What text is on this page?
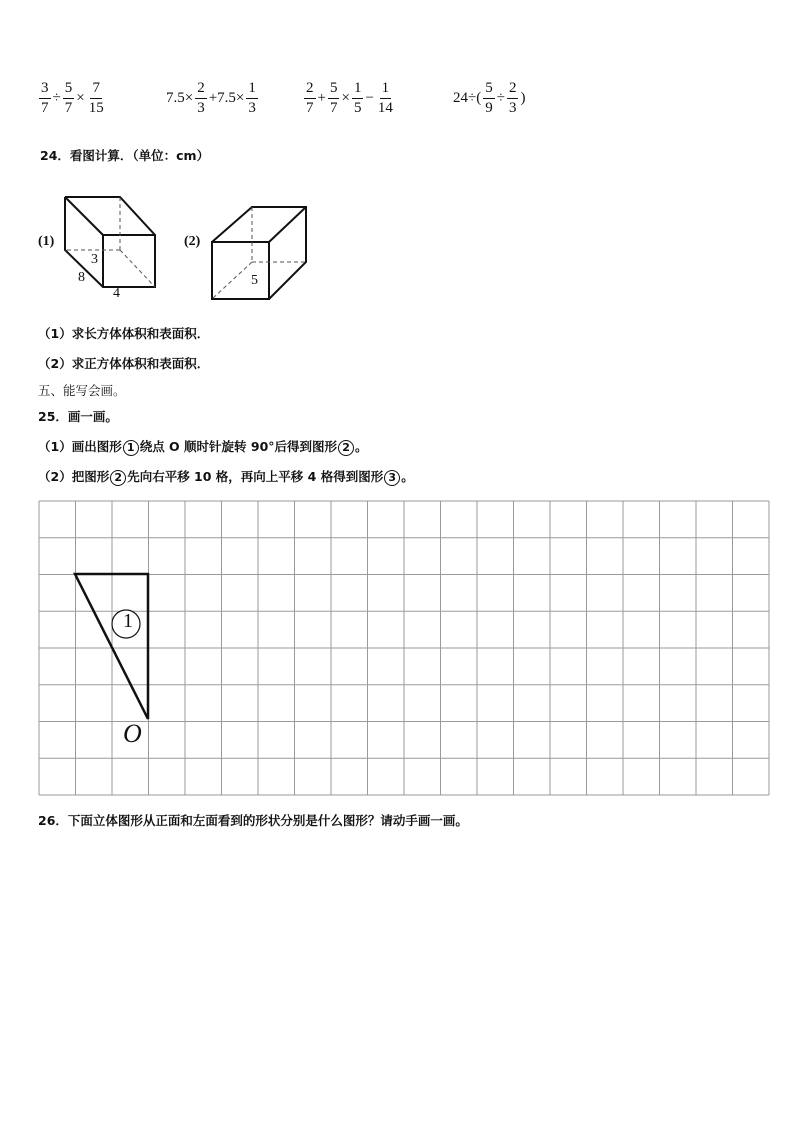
$\frac{3}{7} \div \frac{5}{7} \times \frac{7}{15}$	$7.5\times \frac{2}{3} +7.5\times \frac{1}{3}$	$\frac{2}{7} + \frac{5}{7} \times \frac{1}{5} - \frac{1}{14}$	$24\div( \frac{5}{9} \div \frac{2}{3}$ )
24．看图计算．（单位：cm）
(1)
3
8
4
(2)
5
（1）求长方体体积和表面积．
（2）求正方体体积和表面积．
五、能写会画。
25．画一画。
（1）画出图形 1 绕点 O 顺时针旋转 90°后得到图形 2 。
（2）把图形 2 先向右平移 10 格，再向上平移 4 格得到图形 3 。
1
O
26．下面立体图形从正面和左面看到的形状分别是什么图形？请动手画一画。
